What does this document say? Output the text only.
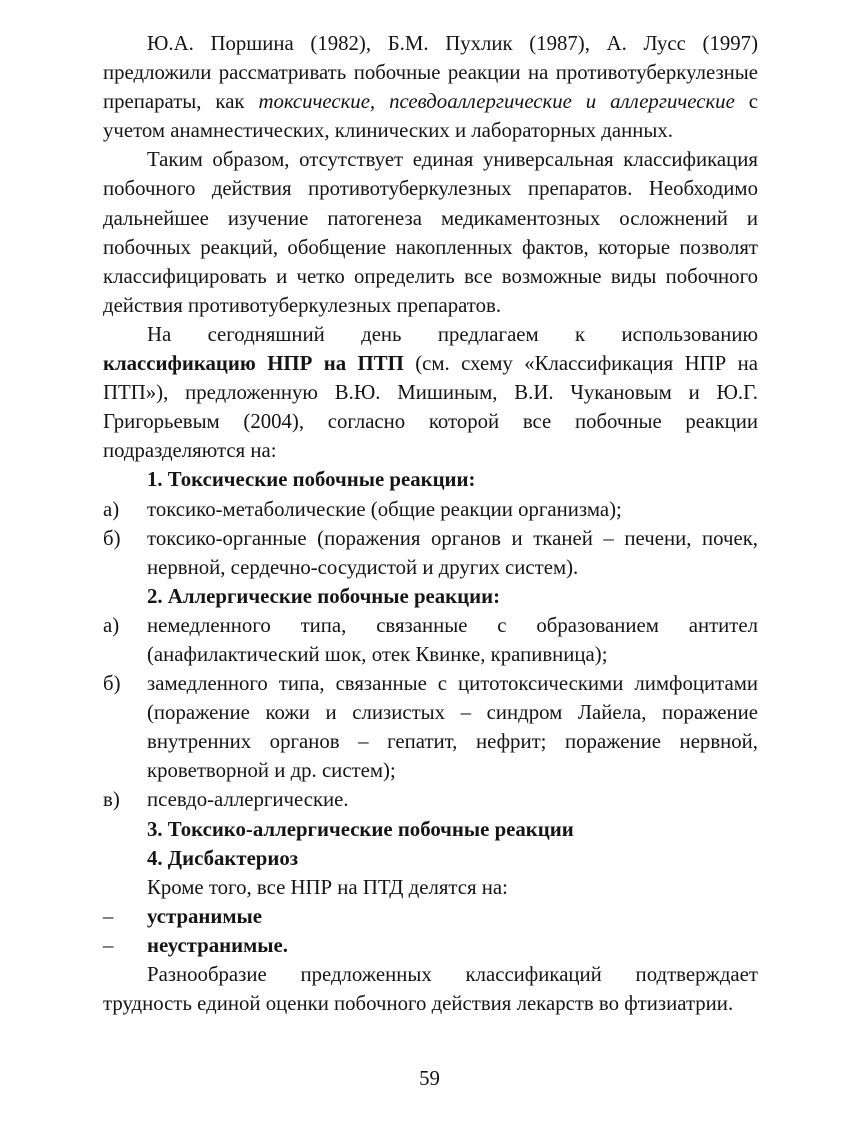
Ю.А. Поршина (1982), Б.М. Пухлик (1987), А. Лусс (1997) предложили рассматривать побочные реакции на противотуберкулезные препараты, как токсические, псевдоаллергические и аллергические с учетом анамнестических, клинических и лабораторных данных.

Таким образом, отсутствует единая универсальная классификация побочного действия противотуберкулезных препаратов. Необходимо дальнейшее изучение патогенеза медикаментозных осложнений и побочных реакций, обобщение накопленных фактов, которые позволят классифицировать и четко определить все возможные виды побочного действия противотуберкулезных препаратов.

На сегодняшний день предлагаем к использованию классификацию НПР на ПТП (см. схему «Классификация НПР на ПТП»), предложенную В.Ю. Мишиным, В.И. Чукановым и Ю.Г. Григорьевым (2004), согласно которой все побочные реакции подразделяются на:

1. Токсические побочные реакции:

а) токсико-метаболические (общие реакции организма);
б) токсико-органные (поражения органов и тканей – печени, почек, нервной, сердечно-сосудистой и других систем).

2. Аллергические побочные реакции:

а) немедленного типа, связанные с образованием антител (анафилактический шок, отек Квинке, крапивница);
б) замедленного типа, связанные с цитотоксическими лимфоцитами (поражение кожи и слизистых – синдром Лайела, поражение внутренних органов – гепатит, нефрит; поражение нервной, кроветворной и др. систем);
в) псевдо-аллергические.

3. Токсико-аллергические побочные реакции

4. Дисбактериоз

Кроме того, все НПР на ПТД делятся на:

– устранимые
– неустранимые.

Разнообразие предложенных классификаций подтверждает трудность единой оценки побочного действия лекарств во фтизиатрии.

59
